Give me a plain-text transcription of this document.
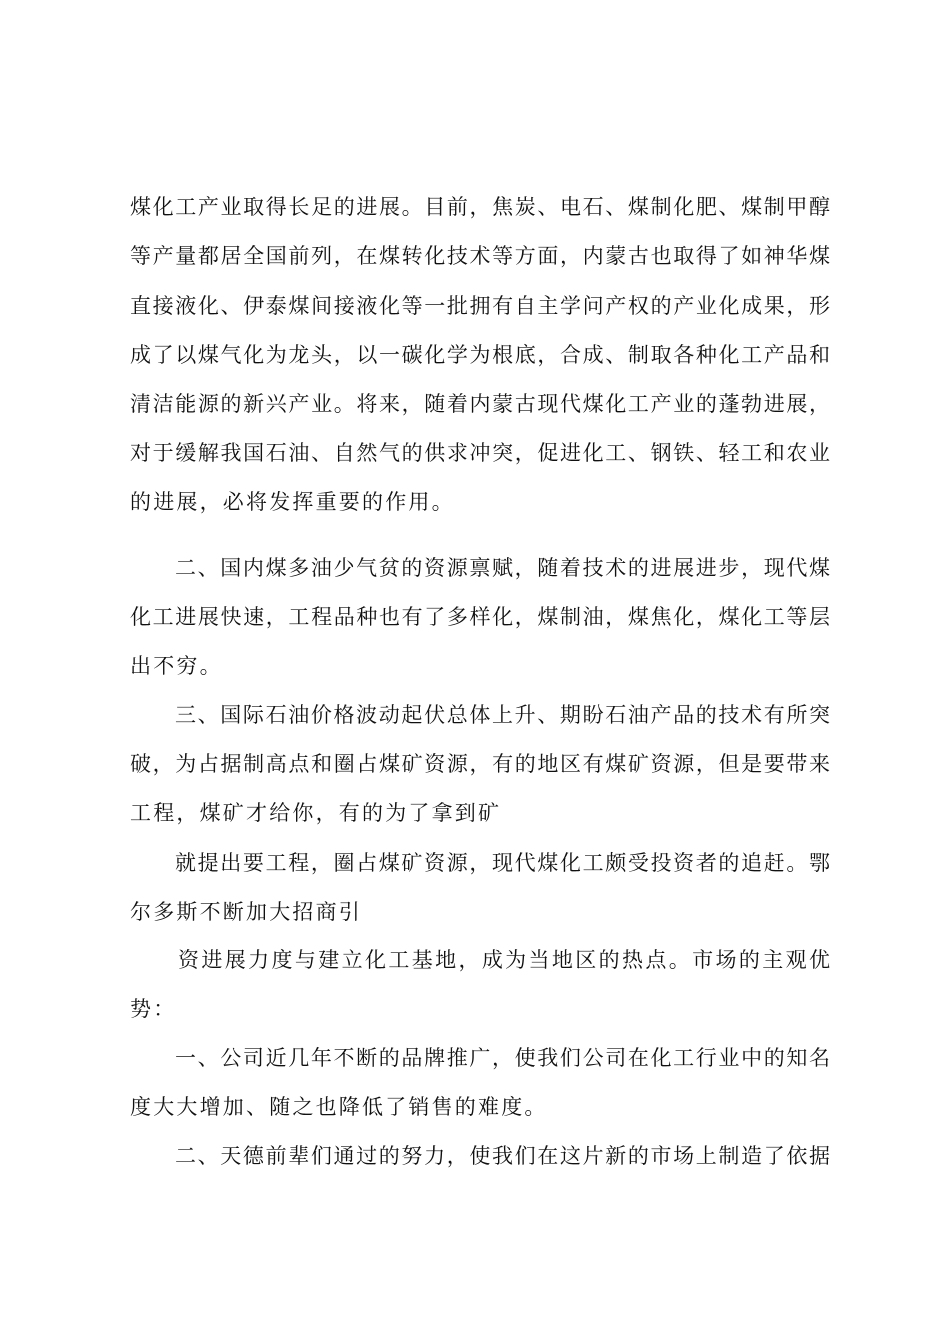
煤化工产业取得长足的进展。目前，焦炭、电石、煤制化肥、煤制甲醇
等产量都居全国前列，在煤转化技术等方面，内蒙古也取得了如神华煤
直接液化、伊泰煤间接液化等一批拥有自主学问产权的产业化成果，形
成了以煤气化为龙头，以一碳化学为根底，合成、制取各种化工产品和
清洁能源的新兴产业。将来，随着内蒙古现代煤化工产业的蓬勃进展，
对于缓解我国石油、自然气的供求冲突，促进化工、钢铁、轻工和农业
的进展，必将发挥重要的作用。
二、国内煤多油少气贫的资源禀赋，随着技术的进展进步，现代煤
化工进展快速，工程品种也有了多样化，煤制油，煤焦化，煤化工等层
出不穷。
三、国际石油价格波动起伏总体上升、期盼石油产品的技术有所突
破，为占据制高点和圈占煤矿资源，有的地区有煤矿资源，但是要带来
工程，煤矿才给你，有的为了拿到矿
就提出要工程，圈占煤矿资源，现代煤化工颇受投资者的追赶。鄂
尔多斯不断加大招商引
资进展力度与建立化工基地，成为当地区的热点。市场的主观优
势：
一、公司近几年不断的品牌推广，使我们公司在化工行业中的知名
度大大增加、随之也降低了销售的难度。
二、天德前辈们通过的努力，使我们在这片新的市场上制造了依据
